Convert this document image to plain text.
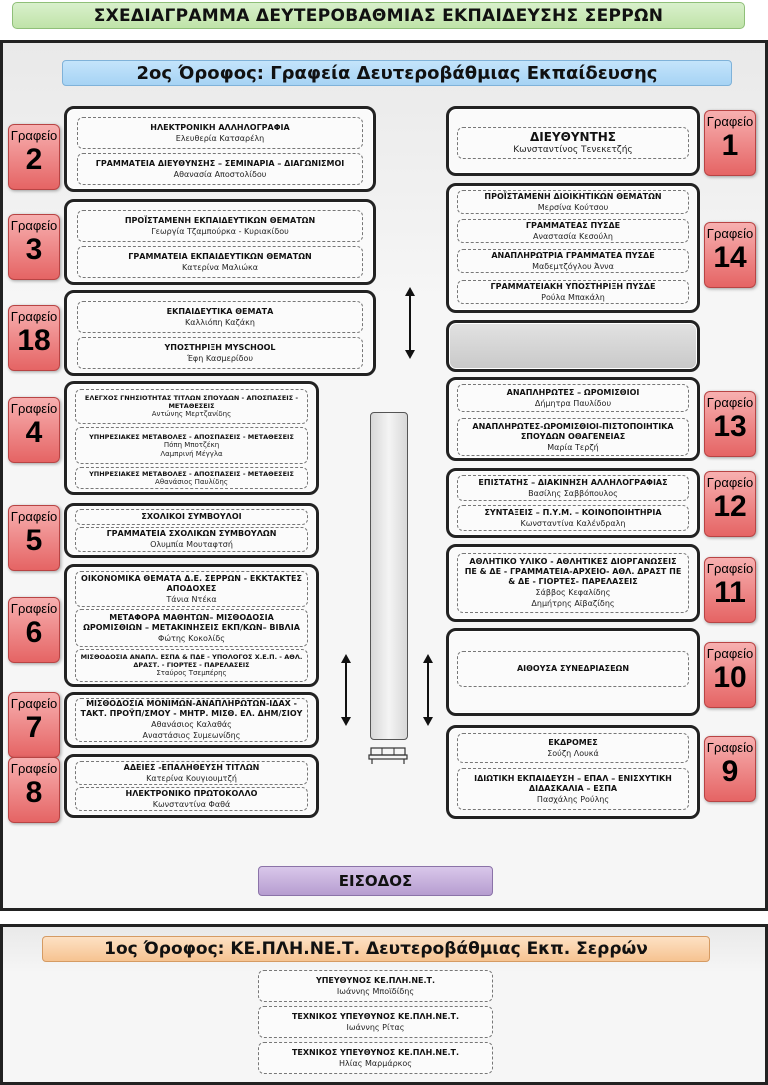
ΣΧΕΔΙΑΓΡΑΜΜΑ ΔΕΥΤΕΡΟΒΑΘΜΙΑΣ ΕΚΠΑΙΔΕΥΣΗΣ ΣΕΡΡΩΝ
2ος Όροφος: Γραφεία Δευτεροβάθμιας Εκπαίδευσης
Γραφείο
2
ΗΛΕΚΤΡΟΝΙΚΗ ΑΛΛΗΛΟΓΡΑΦΙΑ
Ελευθερία Κατσαρέλη
ΓΡΑΜΜΑΤΕΙΑ ΔΙΕΥΘΥΝΣΗΣ – ΣΕΜΙΝΑΡΙΑ – ΔΙΑΓΩΝΙΣΜΟΙ
Αθανασία Αποστολίδου
Γραφείο
3
ΠΡΟΪΣΤΑΜΕΝΗ ΕΚΠΑΙΔΕΥΤΙΚΩΝ ΘΕΜΑΤΩΝ
Γεωργία Τζαμπούρκα - Κυριακίδου
ΓΡΑΜΜΑΤΕΙΑ ΕΚΠΑΙΔΕΥΤΙΚΩΝ ΘΕΜΑΤΩΝ
Κατερίνα Μαλιώκα
Γραφείο
18
ΕΚΠΑΙΔΕΥΤΙΚΑ ΘΕΜΑΤΑ
Καλλιόπη Καζάκη
ΥΠΟΣΤΗΡΙΞΗ MYSCHOOL
Έφη Κασμερίδου
Γραφείο
4
ΕΛΕΓΧΟΣ ΓΝΗΣΙΟΤΗΤΑΣ ΤΙΤΛΩΝ ΣΠΟΥΔΩΝ - ΑΠΟΣΠΑΣΕΙΣ - ΜΕΤΑΘΕΣΕΙΣ
Αντώνης Μερτζανίδης
ΥΠΗΡΕΣΙΑΚΕΣ ΜΕΤΑΒΟΛΕΣ - ΑΠΟΣΠΑΣΕΙΣ - ΜΕΤΑΘΕΣΕΙΣ
Πόπη Μποτζέκη
Λαμπρινή Μέγγλα
ΥΠΗΡΕΣΙΑΚΕΣ ΜΕΤΑΒΟΛΕΣ - ΑΠΟΣΠΑΣΕΙΣ - ΜΕΤΑΘΕΣΕΙΣ
Αθανάσιος Παυλίδης
Γραφείο
5
ΣΧΟΛΙΚΟΙ ΣΥΜΒΟΥΛΟΙ
ΓΡΑΜΜΑΤΕΙΑ ΣΧΟΛΙΚΩΝ ΣΥΜΒΟΥΛΩΝ
Ολυμπία Μουταφτσή
Γραφείο
6
ΟΙΚΟΝΟΜΙΚΑ ΘΕΜΑΤΑ Δ.Ε. ΣΕΡΡΩΝ - ΕΚΚΤΑΚΤΕΣ ΑΠΟΔΟΧΕΣ
Τάνια Ντέκα
ΜΕΤΑΦΟΡΑ ΜΑΘΗΤΩΝ– ΜΙΣΘΟΔΟΣΙΑ ΩΡΟΜΙΣΘΙΩΝ – ΜΕΤΑΚΙΝΗΣΕΙΣ ΕΚΠ/ΚΩΝ– ΒΙΒΛΙΑ
Φώτης Κοκολίδς
ΜΙΣΘΟΔΟΣΙΑ ΑΝΑΠΛ. ΕΣΠΑ & ΠΔΕ - ΥΠΟΛΟΓΟΣ Χ.Ε.Π. - ΑΘΛ. ΔΡΑΣΤ. - ΓΙΟΡΤΕΣ - ΠΑΡΕΛΑΣΕΙΣ
Σταύρος Τσεμπέρης
Γραφείο
7
ΜΙΣΘΟΔΟΣΙΑ ΜΟΝΙΜΩΝ-ΑΝΑΠΛΗΡΩΤΩΝ-ΙΔΑΧ - ΤΑΚΤ. ΠΡΟΫΠ/ΣΜΟΥ - ΜΗΤΡ. ΜΙΣΘ. ΕΛ. ΔΗΜ/ΣΙΟΥ
Αθανάσιος Καλαθάς
Αναστάσιος Συμεωνίδης
Γραφείο
8
ΑΔΕΙΕΣ -ΕΠΑΛΗΘΕΥΣΗ ΤΙΤΛΩΝ
Κατερίνα Κουγιουμτζή
ΗΛΕΚΤΡΟΝΙΚΟ ΠΡΩΤΟΚΟΛΛΟ
Κωνσταντίνα Φαθά
Γραφείο
1
ΔΙΕΥΘΥΝΤΗΣ
Κωνσταντίνος Τενεκετζής
Γραφείο
14
ΠΡΟΪΣΤΑΜΕΝΗ ΔΙΟΙΚΗΤΙΚΩΝ ΘΕΜΑΤΩΝ
Μερσίνα Κούτσου
ΓΡΑΜΜΑΤΕΑΣ ΠΥΣΔΕ
Αναστασία Κεσούλη
ΑΝΑΠΛΗΡΩΤΡΙΑ ΓΡΑΜΜΑΤΕΑ ΠΥΣΔΕ
Μαδεμτζόγλου Άννα
ΓΡΑΜΜΑΤΕΙΑΚΗ ΥΠΟΣΤΗΡΙΞΗ ΠΥΣΔΕ
Ρούλα Μπακάλη
Γραφείο
13
ΑΝΑΠΛΗΡΩΤΕΣ – ΩΡΟΜΙΣΘΙΟΙ
Δήμητρα Παυλίδου
ΑΝΑΠΛΗΡΩΤΕΣ-ΩΡΟΜΙΣΘΙΟΙ-ΠΙΣΤΟΠΟΙΗΤΙΚΑ ΣΠΟΥΔΩΝ ΟΘΑΓΕΝΕΙΑΣ
Μαρία Τερζή
Γραφείο
12
ΕΠΙΣΤΑΤΗΣ – ΔΙΑΚΙΝΗΣΗ ΑΛΛΗΛΟΓΡΑΦΙΑΣ
Βασίλης Σαββόπουλος
ΣΥΝΤΑΞΕΙΣ – Π.Υ.Μ. – ΚΟΙΝΟΠΟΙΗΤΗΡΙΑ
Κωνσταντίνα Καλένδραλη
Γραφείο
11
ΑΘΛΗΤΙΚΟ ΥΛΙΚΟ - ΑΘΛΗΤΙΚΕΣ ΔΙΟΡΓΑΝΩΣΕΙΣ ΠΕ & ΔΕ - ΓΡΑΜΜΑΤΕΙΑ-ΑΡΧΕΙΟ- ΑΘΛ. ΔΡΑΣΤ ΠΕ & ΔΕ - ΓΙΟΡΤΕΣ- ΠΑΡΕΛΑΣΕΙΣ
Σάββος Κεφαλίδης
Δημήτρης Αϊβαζίδης
Γραφείο
10
ΑΙΘΟΥΣΑ ΣΥΝΕΔΡΙΑΣΕΩΝ
Γραφείο
9
ΕΚΔΡΟΜΕΣ
Σούζη Λουκά
ΙΔΙΩΤΙΚΗ ΕΚΠΑΙΔΕΥΣΗ – ΕΠΑΛ – ΕΝΙΣΧΥΤΙΚΗ ΔΙΔΑΣΚΑΛΙΑ – ΕΣΠΑ
Πασχάλης Ρούλης
ΕΙΣΟΔΟΣ
1ος Όροφος: ΚΕ.ΠΛΗ.ΝΕ.Τ. Δευτεροβάθμιας Εκπ. Σερρών
ΥΠΕΥΘΥΝΟΣ ΚΕ.ΠΛΗ.ΝΕ.Τ.
Ιωάννης Μποϊδίδης
ΤΕΧΝΙΚΟΣ ΥΠΕΥΘΥΝΟΣ ΚΕ.ΠΛΗ.ΝΕ.Τ.
Ιωάννης Ρίτας
ΤΕΧΝΙΚΟΣ ΥΠΕΥΘΥΝΟΣ ΚΕ.ΠΛΗ.ΝΕ.Τ.
Ηλίας Μαρμάρκος
